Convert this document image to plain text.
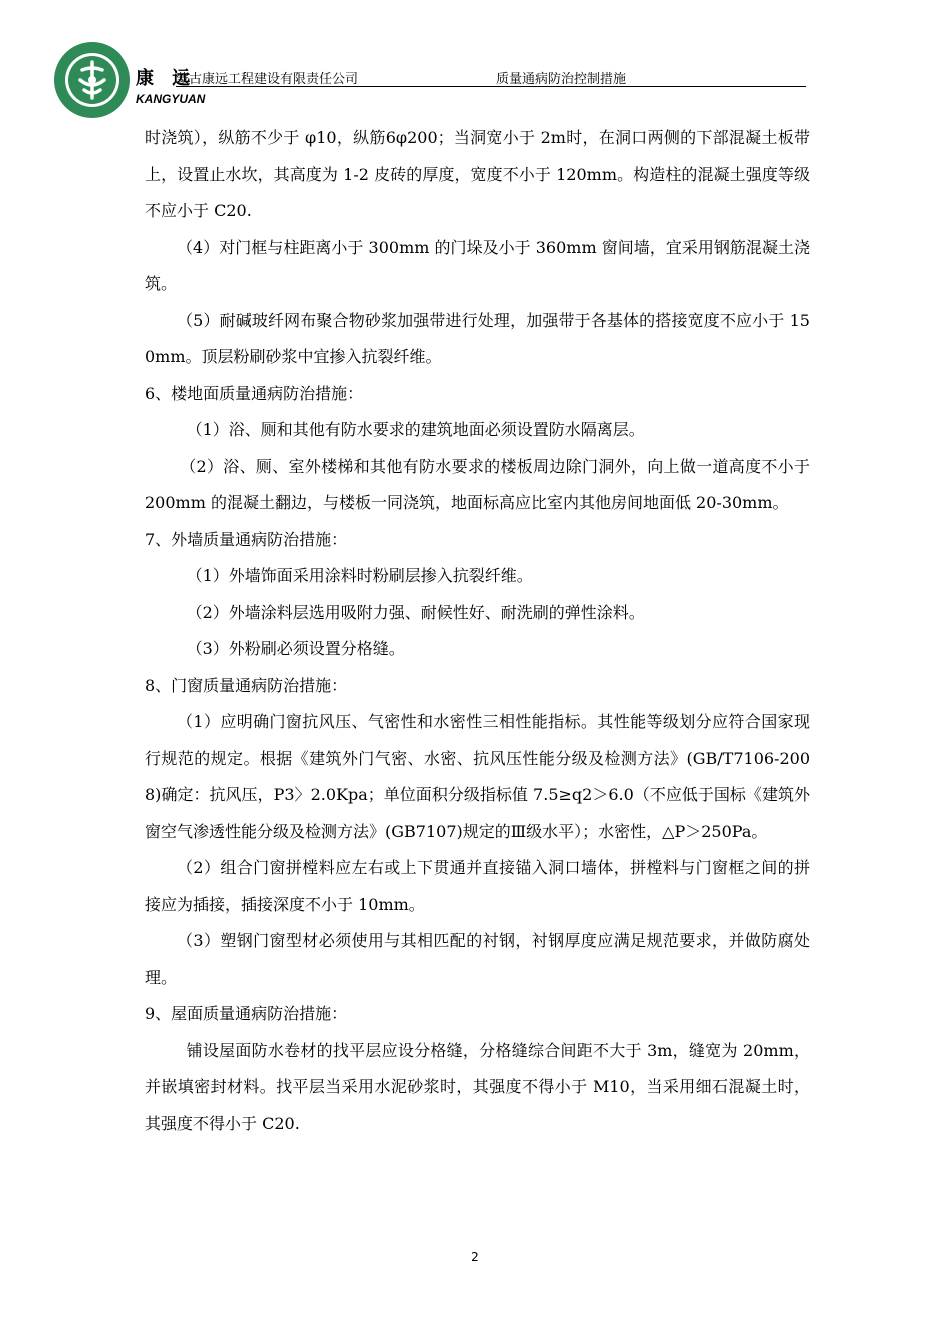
康 远
KANGYUAN
蒙古康远工程建设有限责任公司	质量通病防治控制措施

时浇筑），纵筋不少于 φ10，纵筋6φ200；当洞宽小于 2m时，在洞口两侧的下部混凝土板带上，设置止水坎，其高度为 1-2 皮砖的厚度，宽度不小于 120mm。构造柱的混凝土强度等级不应小于 C20.

（4）对门框与柱距离小于 300mm 的门垛及小于 360mm 窗间墙，宜采用钢筋混凝土浇筑。

（5）耐碱玻纤网布聚合物砂浆加强带进行处理，加强带于各基体的搭接宽度不应小于 150mm。顶层粉刷砂浆中宜掺入抗裂纤维。

6、楼地面质量通病防治措施：

（1）浴、厕和其他有防水要求的建筑地面必须设置防水隔离层。

（2）浴、厕、室外楼梯和其他有防水要求的楼板周边除门洞外，向上做一道高度不小于 200mm 的混凝土翻边，与楼板一同浇筑，地面标高应比室内其他房间地面低 20-30mm。

7、外墙质量通病防治措施：

（1）外墙饰面采用涂料时粉刷层掺入抗裂纤维。

（2）外墙涂料层选用吸附力强、耐候性好、耐洗刷的弹性涂料。

（3）外粉刷必须设置分格缝。

8、门窗质量通病防治措施：

（1）应明确门窗抗风压、气密性和水密性三相性能指标。其性能等级划分应符合国家现行规范的规定。根据《建筑外门气密、水密、抗风压性能分级及检测方法》(GB/T7106-2008)确定：抗风压，P3〉2.0Kpa；单位面积分级指标值 7.5≥q2＞6.0（不应低于国标《建筑外窗空气渗透性能分级及检测方法》(GB7107)规定的Ⅲ级水平）；水密性，△P＞250Pa。

（2）组合门窗拼樘料应左右或上下贯通并直接锚入洞口墙体，拼樘料与门窗框之间的拼接应为插接，插接深度不小于 10mm。

（3）塑钢门窗型材必须使用与其相匹配的衬钢，衬钢厚度应满足规范要求，并做防腐处理。

9、屋面质量通病防治措施：

铺设屋面防水卷材的找平层应设分格缝，分格缝综合间距不大于 3m，缝宽为 20mm，并嵌填密封材料。找平层当采用水泥砂浆时，其强度不得小于 M10，当采用细石混凝土时，其强度不得小于 C20.

2
